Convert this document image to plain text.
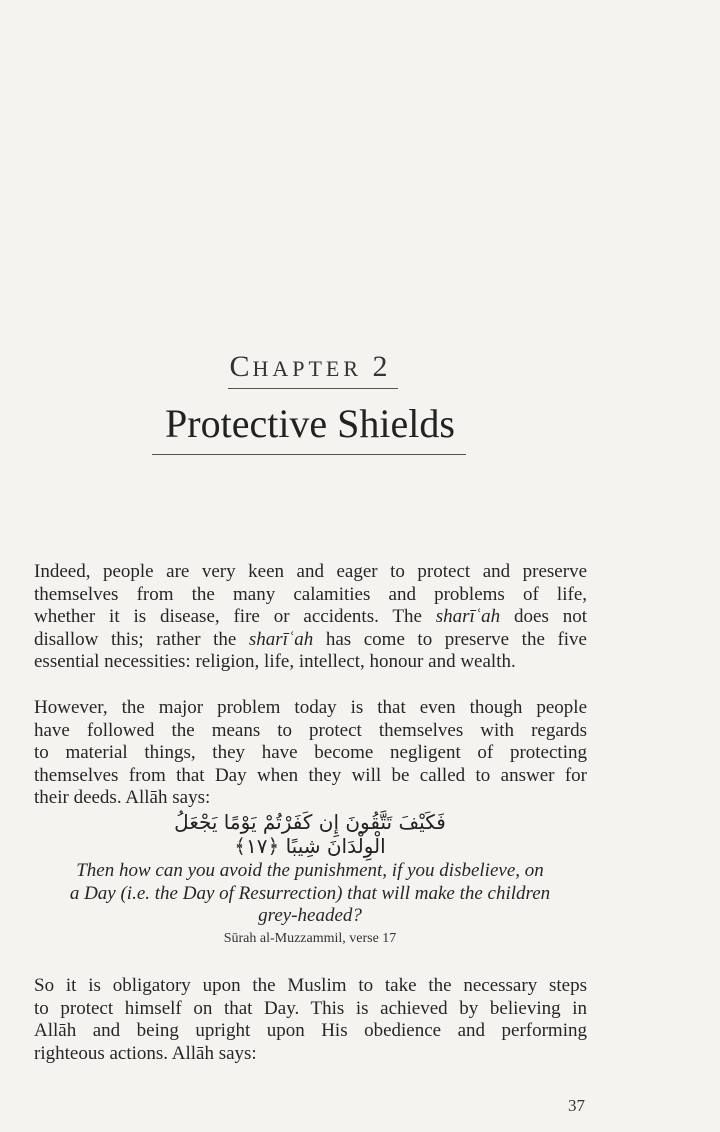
CHAPTER 2
Protective Shields
Indeed, people are very keen and eager to protect and preserve
themselves from the many calamities and problems of life,
whether it is disease, fire or accidents. The sharīʿah does not
disallow this; rather the sharīʿah has come to preserve the five
essential necessities: religion, life, intellect, honour and wealth.
However, the major problem today is that even though people
have followed the means to protect themselves with regards
to material things, they have become negligent of protecting
themselves from that Day when they will be called to answer for
their deeds. Allāh says:
فَكَيْفَ تَتَّقُونَ إِن كَفَرْتُمْ يَوْمًا يَجْعَلُ الْوِلْدَانَ شِيبًا ﴿١٧﴾
Then how can you avoid the punishment, if you disbelieve, on
a Day (i.e. the Day of Resurrection) that will make the children
grey-headed?
Sūrah al-Muzzammil, verse 17
So it is obligatory upon the Muslim to take the necessary steps
to protect himself on that Day. This is achieved by believing in
Allāh and being upright upon His obedience and performing
righteous actions. Allāh says:
37
